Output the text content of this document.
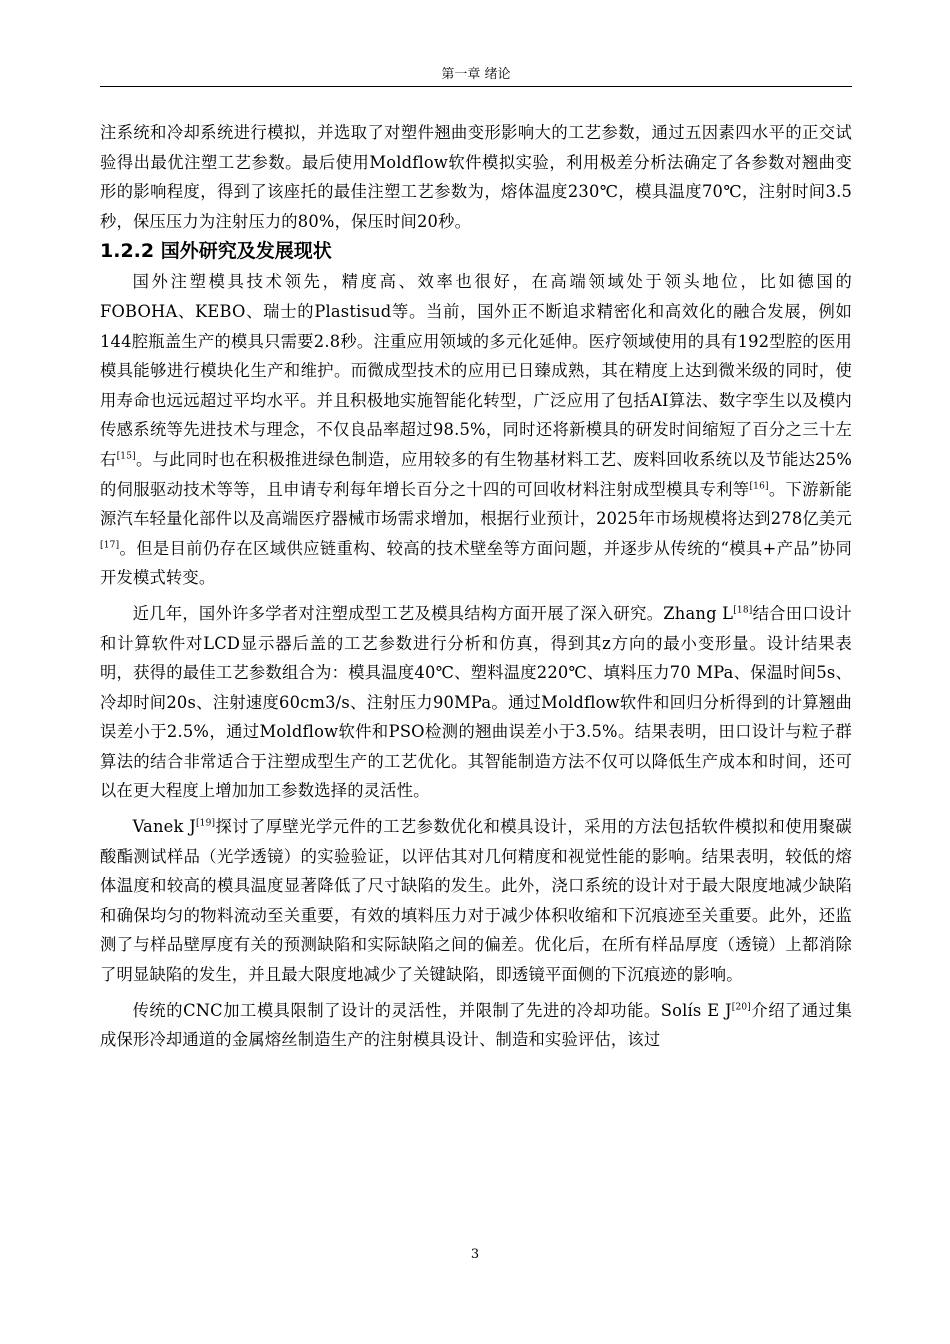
第一章 绪论

注系统和冷却系统进行模拟，并选取了对塑件翘曲变形影响大的工艺参数，通过五因素四水平的正交试验得出最优注塑工艺参数。最后使用Moldflow软件模拟实验，利用极差分析法确定了各参数对翘曲变形的影响程度，得到了该座托的最佳注塑工艺参数为，熔体温度230℃，模具温度70℃，注射时间3.5秒，保压压力为注射压力的80%，保压时间20秒。

1.2.2 国外研究及发展现状

国外注塑模具技术领先，精度高、效率也很好，在高端领域处于领头地位，比如德国的FOBOHA、KEBO、瑞士的Plastisud等。当前，国外正不断追求精密化和高效化的融合发展，例如144腔瓶盖生产的模具只需要2.8秒。注重应用领域的多元化延伸。医疗领域使用的具有192型腔的医用模具能够进行模块化生产和维护。而微成型技术的应用已日臻成熟，其在精度上达到微米级的同时，使用寿命也远远超过平均水平。并且积极地实施智能化转型，广泛应用了包括AI算法、数字孪生以及模内传感系统等先进技术与理念，不仅良品率超过98.5%，同时还将新模具的研发时间缩短了百分之三十左右[15]。与此同时也在积极推进绿色制造，应用较多的有生物基材料工艺、废料回收系统以及节能达25%的伺服驱动技术等等，且申请专利每年增长百分之十四的可回收材料注射成型模具专利等[16]。下游新能源汽车轻量化部件以及高端医疗器械市场需求增加，根据行业预计，2025年市场规模将达到278亿美元[17]。但是目前仍存在区域供应链重构、较高的技术壁垒等方面问题，并逐步从传统的“模具+产品”协同开发模式转变。

近几年，国外许多学者对注塑成型工艺及模具结构方面开展了深入研究。Zhang L[18]结合田口设计和计算软件对LCD显示器后盖的工艺参数进行分析和仿真，得到其z方向的最小变形量。设计结果表明，获得的最佳工艺参数组合为：模具温度40℃、塑料温度220℃、填料压力70 MPa、保温时间5s、冷却时间20s、注射速度60cm3/s、注射压力90MPa。通过Moldflow软件和回归分析得到的计算翘曲误差小于2.5%，通过Moldflow软件和PSO检测的翘曲误差小于3.5%。结果表明，田口设计与粒子群算法的结合非常适合于注塑成型生产的工艺优化。其智能制造方法不仅可以降低生产成本和时间，还可以在更大程度上增加加工参数选择的灵活性。

Vanek J[19]探讨了厚壁光学元件的工艺参数优化和模具设计，采用的方法包括软件模拟和使用聚碳酸酯测试样品（光学透镜）的实验验证，以评估其对几何精度和视觉性能的影响。结果表明，较低的熔体温度和较高的模具温度显著降低了尺寸缺陷的发生。此外，浇口系统的设计对于最大限度地减少缺陷和确保均匀的物料流动至关重要，有效的填料压力对于减少体积收缩和下沉痕迹至关重要。此外，还监测了与样品壁厚度有关的预测缺陷和实际缺陷之间的偏差。优化后，在所有样品厚度（透镜）上都消除了明显缺陷的发生，并且最大限度地减少了关键缺陷，即透镜平面侧的下沉痕迹的影响。

传统的CNC加工模具限制了设计的灵活性，并限制了先进的冷却功能。Solís E J[20]介绍了通过集成保形冷却通道的金属熔丝制造生产的注射模具设计、制造和实验评估，该过

3
